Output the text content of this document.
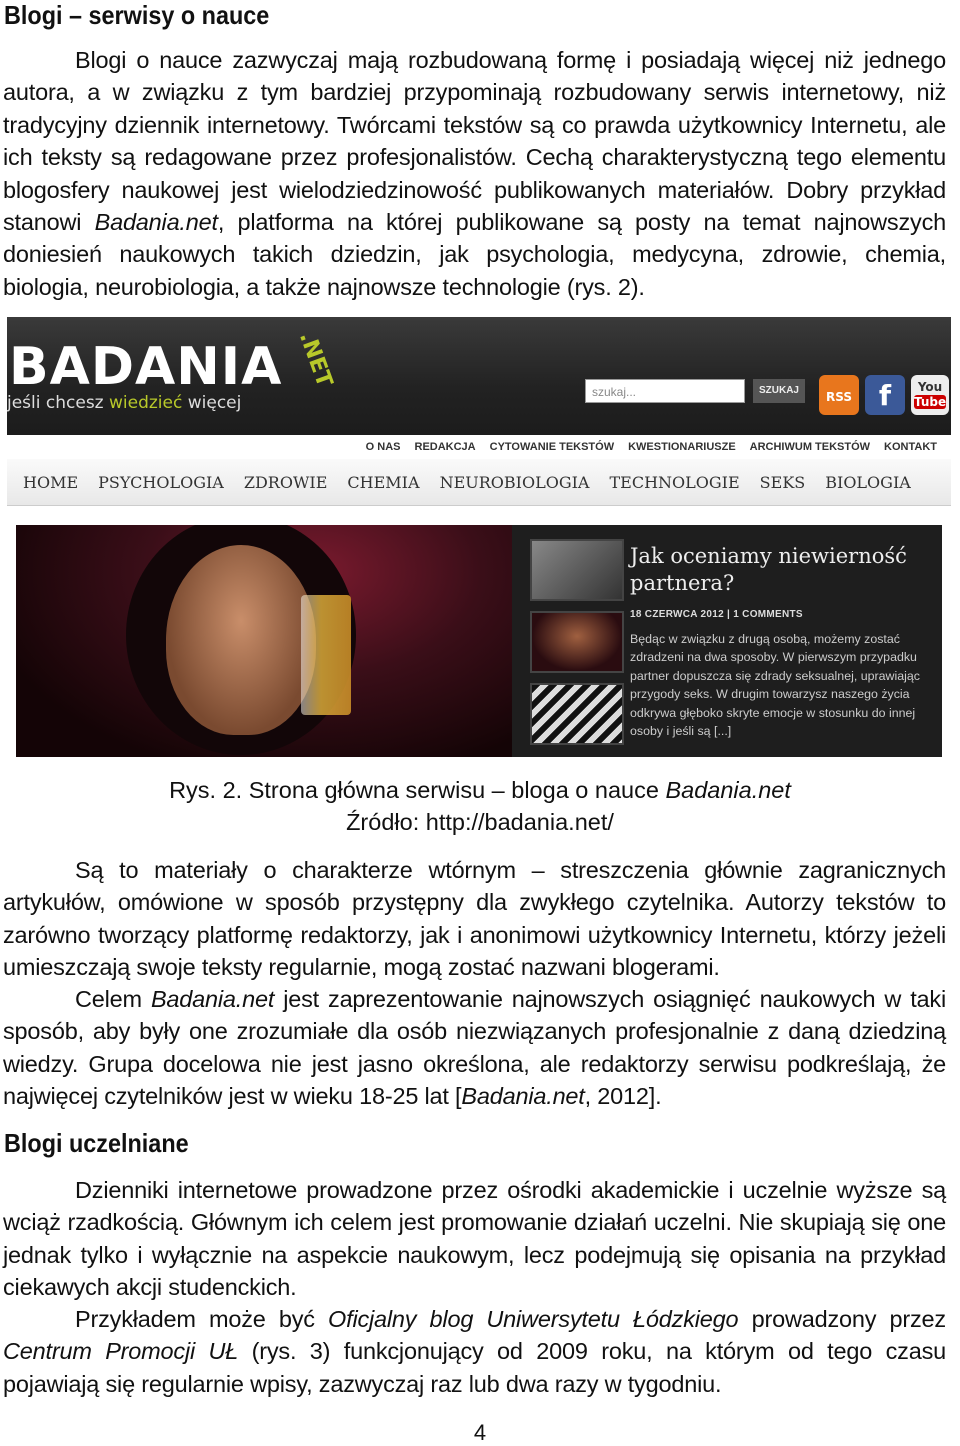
Blogi – serwisy o nauce

Blogi o nauce zazwyczaj mają rozbudowaną formę i posiadają więcej niż jednego autora, a w związku z tym bardziej przypominają rozbudowany serwis internetowy, niż tradycyjny dziennik internetowy. Twórcami tekstów są co prawda użytkownicy Internetu, ale ich teksty są redagowane przez profesjonalistów. Cechą charakterystyczną tego elementu blogosfery naukowej jest wielodziedzinowość publikowanych materiałów. Dobry przykład stanowi Badania.net, platforma na której publikowane są posty na temat najnowszych doniesień naukowych takich dziedzin, jak psychologia, medycyna, zdrowie, chemia, biologia, neurobiologia, a także najnowsze technologie (rys. 2).

BADANIA .NET
jeśli chcesz wiedzieć więcej
szukaj...	SZUKAJ	RSS f	You
Tube
O NAS REDAKCJA CYTOWANIE TEKSTÓW KWESTIONARIUSZE ARCHIWUM TEKSTÓW KONTAKT
HOME PSYCHOLOGIA ZDROWIE CHEMIA NEUROBIOLOGIA TECHNOLOGIE SEKS BIOLOGIA
Jak oceniamy niewierność partnera?
18 CZERWCA 2012 | 1 COMMENTS
Będąc w związku z drugą osobą, możemy zostać zdradzeni na dwa sposoby. W pierwszym przypadku partner dopuszcza się zdrady seksualnej, uprawiając przygody seks. W drugim towarzysz naszego życia odkrywa głęboko skryte emocje w stosunku do innej osoby i jeśli są [...]
Rys. 2. Strona główna serwisu – bloga o nauce Badania.net
Źródło: http://badania.net/

Są to materiały o charakterze wtórnym – streszczenia głównie zagranicznych artykułów, omówione w sposób przystępny dla zwykłego czytelnika. Autorzy tekstów to zarówno tworzący platformę redaktorzy, jak i anonimowi użytkownicy Internetu, którzy jeżeli umieszczają swoje teksty regularnie, mogą zostać nazwani blogerami.

Celem Badania.net jest zaprezentowanie najnowszych osiągnięć naukowych w taki sposób, aby były one zrozumiałe dla osób niezwiązanych profesjonalnie z daną dziedziną wiedzy. Grupa docelowa nie jest jasno określona, ale redaktorzy serwisu podkreślają, że najwięcej czytelników jest w wieku 18-25 lat [Badania.net, 2012].

Blogi uczelniane

Dzienniki internetowe prowadzone przez ośrodki akademickie i uczelnie wyższe są wciąż rzadkością. Głównym ich celem jest promowanie działań uczelni. Nie skupiają się one jednak tylko i wyłącznie na aspekcie naukowym, lecz podejmują się opisania na przykład ciekawych akcji studenckich.

Przykładem może być Oficjalny blog Uniwersytetu Łódzkiego prowadzony przez Centrum Promocji UŁ (rys. 3) funkcjonujący od 2009 roku, na którym od tego czasu pojawiają się regularnie wpisy, zazwyczaj raz lub dwa razy w tygodniu.

4
